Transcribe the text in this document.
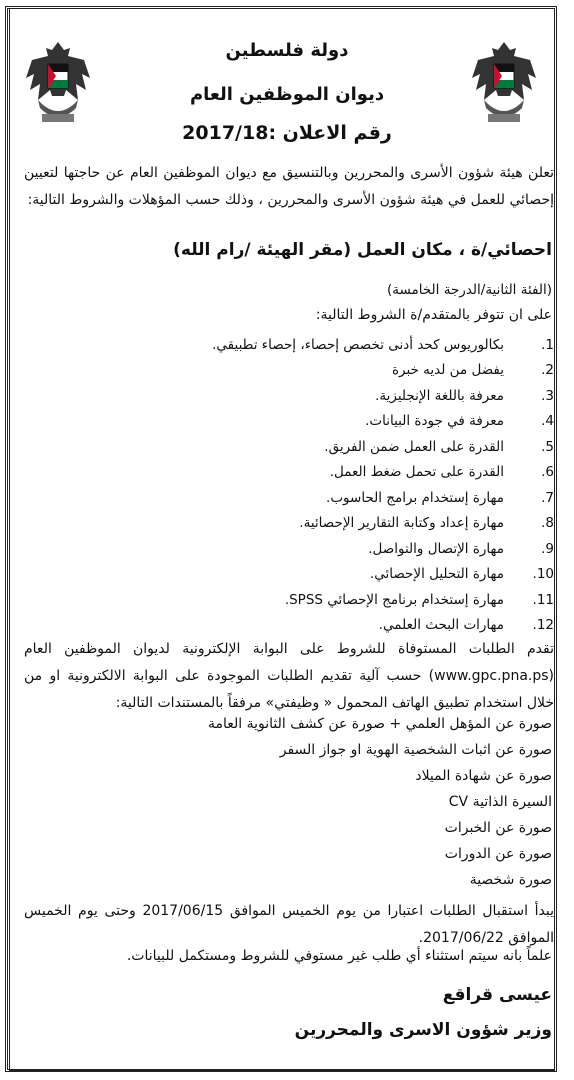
دولة فلسطين
ديوان الموظفين العام
رقم الاعلان :2017/18
تعلن هيئة شؤون الأسرى والمحررين وبالتنسيق مع ديوان الموظفين العام عن حاجتها لتعيين إحصائي للعمل في هيئة شؤون الأسرى والمحررين ، وذلك حسب المؤهلات والشروط التالية:
احصائي/ة ، مكان العمل (مقر الهيئة /رام الله)
(الفئة الثانية/الدرجة الخامسة)
على ان تتوفر بالمتقدم/ة الشروط التالية:
1.
بكالوريوس كحد أدنى تخصص إحصاء، إحصاء تطبيقي.
2.
يفضل من لديه خبرة
3.
معرفة باللغة الإنجليزية.
4.
معرفة في جودة البيانات.
5.
القدرة على العمل ضمن الفريق.
6.
القدرة على تحمل ضغط العمل.
7.
مهارة إستخدام برامج الحاسوب.
8.
مهارة إعداد وكتابة التقارير الإحصائية.
9.
مهارة الإتصال والتواصل.
10.
مهارة التحليل الإحصائي.
11.
مهارة إستخدام برنامج الإحصائي SPSS.
12.
مهارات البحث العلمي.
تقدم الطلبات المستوفاة للشروط على البوابة الإلكترونية لديوان الموظفين العام (www.gpc.pna.ps) حسب آلية تقديم الطلبات الموجودة على البوابة الالكترونية او من خلال استخدام تطبيق الهاتف المحمول « وظيفتي» مرفقاً بالمستندات التالية:
صورة عن المؤهل العلمي + صورة عن كشف الثانوية العامة
صورة عن اثبات الشخصية الهوية او جواز السفر
صورة عن شهادة الميلاد
السيرة الذاتية CV
صورة عن الخبرات
صورة عن الدورات
صورة شخصية
يبدأ استقبال الطلبات اعتبارا من يوم الخميس الموافق 2017/06/15 وحتى يوم الخميس الموافق 2017/06/22.
علماً بانه سيتم استثناء أي طلب غير مستوفي للشروط ومستكمل للبيانات.
عيسى قراقع
وزير شؤون الاسرى والمحررين
